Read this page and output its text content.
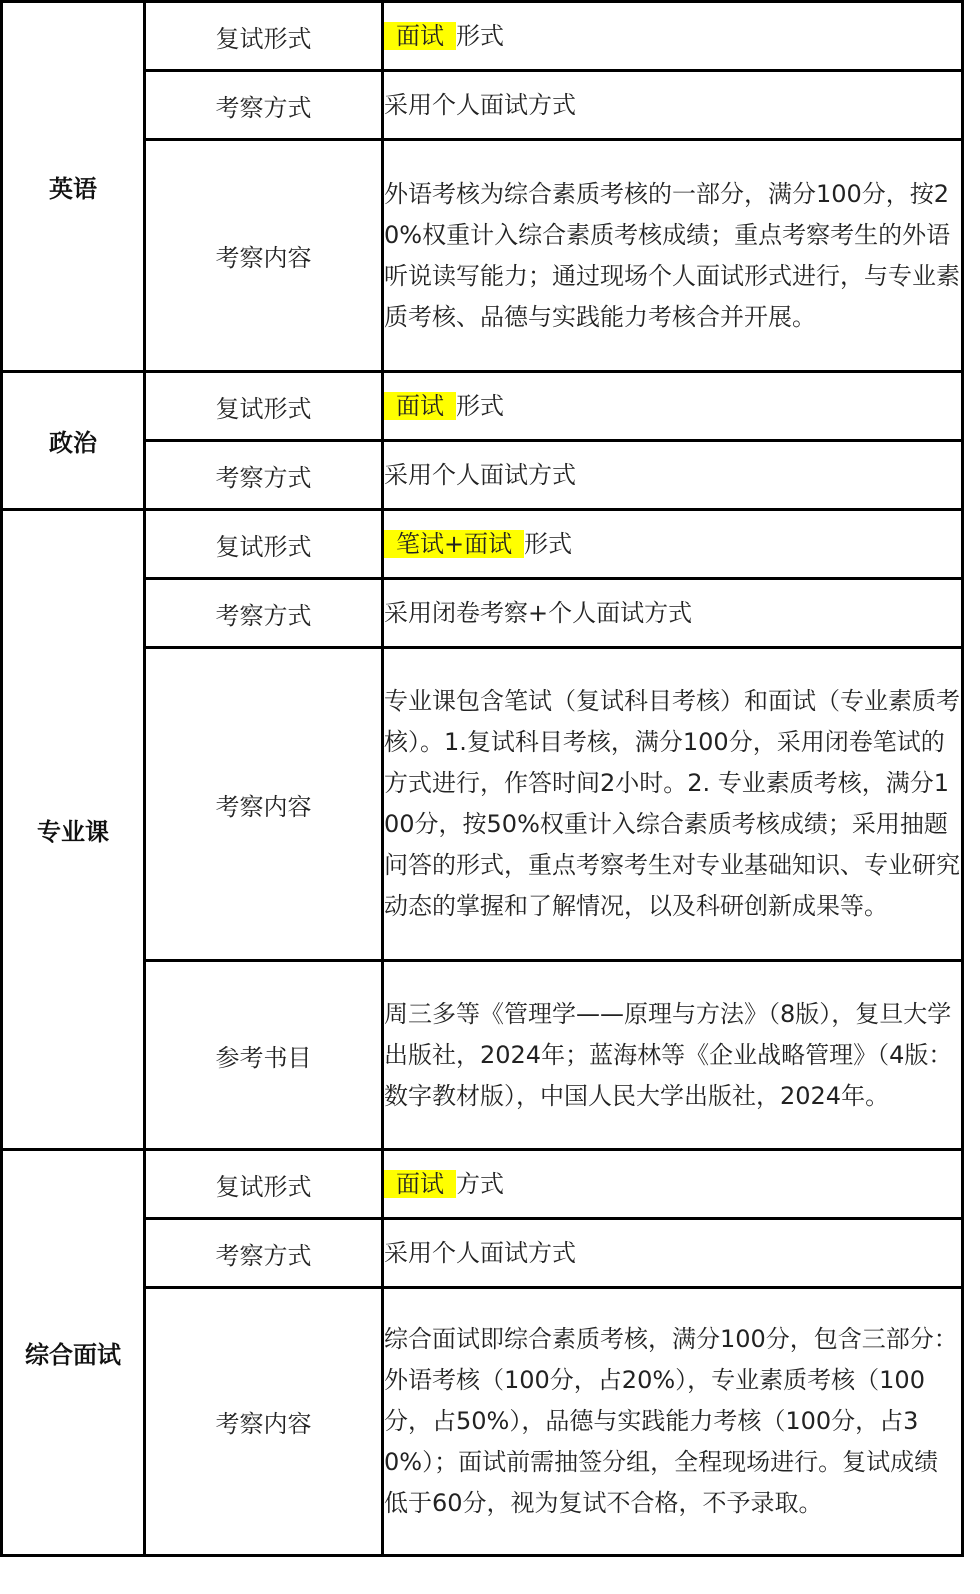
英语	复试形式	面试 形式
	考察方式	采用个人面试方式
	考察内容	外语考核为综合素质考核的一部分，满分100分，按20%权重计入综合素质考核成绩；重点考察考生的外语听说读写能力；通过现场个人面试形式进行，与专业素质考核、品德与实践能力考核合并开展。
政治	复试形式	面试 形式
	考察方式	采用个人面试方式
专业课	复试形式	笔试+面试 形式
	考察方式	采用闭卷考察+个人面试方式
	考察内容	专业课包含笔试（复试科目考核）和面试（专业素质考核）。1.复试科目考核，满分100分，采用闭卷笔试的方式进行，作答时间2小时。2. 专业素质考核，满分100分，按50%权重计入综合素质考核成绩；采用抽题问答的形式，重点考察考生对专业基础知识、专业研究动态的掌握和了解情况，以及科研创新成果等。
	参考书目	周三多等《管理学——原理与方法》（8版），复旦大学出版社，2024年；蓝海林等《企业战略管理》（4版：数字教材版），中国人民大学出版社，2024年。
综合面试	复试形式	面试 方式
	考察方式	采用个人面试方式
	考察内容	综合面试即综合素质考核，满分100分，包含三部分：外语考核（100分，占20%），专业素质考核（100分，占50%），品德与实践能力考核（100分，占30%）；面试前需抽签分组，全程现场进行。复试成绩低于60分，视为复试不合格，不予录取。
